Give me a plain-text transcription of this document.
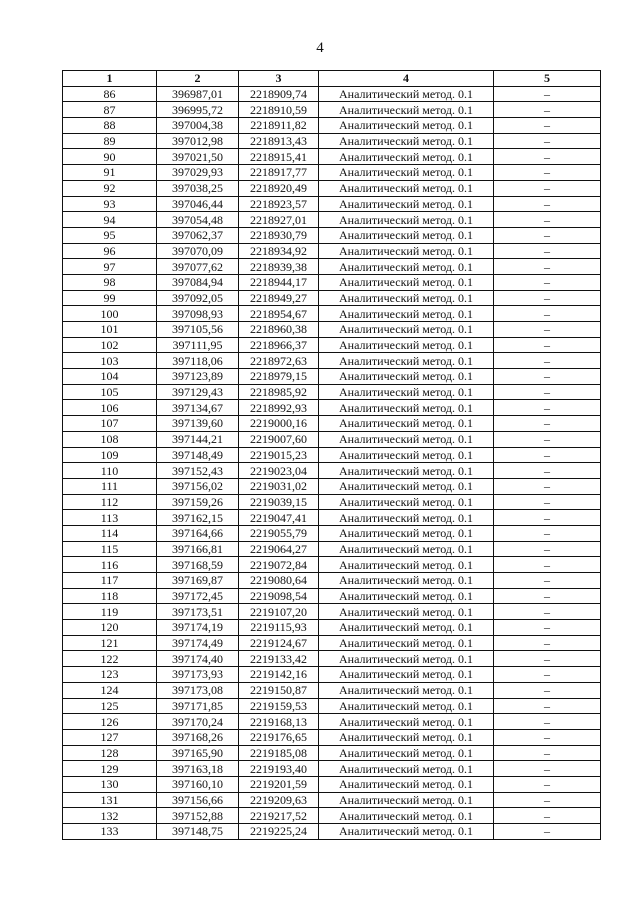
4
1	2	3	4	5
86	396987,01	2218909,74	Аналитический метод. 0.1	–
87	396995,72	2218910,59	Аналитический метод. 0.1	–
88	397004,38	2218911,82	Аналитический метод. 0.1	–
89	397012,98	2218913,43	Аналитический метод. 0.1	–
90	397021,50	2218915,41	Аналитический метод. 0.1	–
91	397029,93	2218917,77	Аналитический метод. 0.1	–
92	397038,25	2218920,49	Аналитический метод. 0.1	–
93	397046,44	2218923,57	Аналитический метод. 0.1	–
94	397054,48	2218927,01	Аналитический метод. 0.1	–
95	397062,37	2218930,79	Аналитический метод. 0.1	–
96	397070,09	2218934,92	Аналитический метод. 0.1	–
97	397077,62	2218939,38	Аналитический метод. 0.1	–
98	397084,94	2218944,17	Аналитический метод. 0.1	–
99	397092,05	2218949,27	Аналитический метод. 0.1	–
100	397098,93	2218954,67	Аналитический метод. 0.1	–
101	397105,56	2218960,38	Аналитический метод. 0.1	–
102	397111,95	2218966,37	Аналитический метод. 0.1	–
103	397118,06	2218972,63	Аналитический метод. 0.1	–
104	397123,89	2218979,15	Аналитический метод. 0.1	–
105	397129,43	2218985,92	Аналитический метод. 0.1	–
106	397134,67	2218992,93	Аналитический метод. 0.1	–
107	397139,60	2219000,16	Аналитический метод. 0.1	–
108	397144,21	2219007,60	Аналитический метод. 0.1	–
109	397148,49	2219015,23	Аналитический метод. 0.1	–
110	397152,43	2219023,04	Аналитический метод. 0.1	–
111	397156,02	2219031,02	Аналитический метод. 0.1	–
112	397159,26	2219039,15	Аналитический метод. 0.1	–
113	397162,15	2219047,41	Аналитический метод. 0.1	–
114	397164,66	2219055,79	Аналитический метод. 0.1	–
115	397166,81	2219064,27	Аналитический метод. 0.1	–
116	397168,59	2219072,84	Аналитический метод. 0.1	–
117	397169,87	2219080,64	Аналитический метод. 0.1	–
118	397172,45	2219098,54	Аналитический метод. 0.1	–
119	397173,51	2219107,20	Аналитический метод. 0.1	–
120	397174,19	2219115,93	Аналитический метод. 0.1	–
121	397174,49	2219124,67	Аналитический метод. 0.1	–
122	397174,40	2219133,42	Аналитический метод. 0.1	–
123	397173,93	2219142,16	Аналитический метод. 0.1	–
124	397173,08	2219150,87	Аналитический метод. 0.1	–
125	397171,85	2219159,53	Аналитический метод. 0.1	–
126	397170,24	2219168,13	Аналитический метод. 0.1	–
127	397168,26	2219176,65	Аналитический метод. 0.1	–
128	397165,90	2219185,08	Аналитический метод. 0.1	–
129	397163,18	2219193,40	Аналитический метод. 0.1	–
130	397160,10	2219201,59	Аналитический метод. 0.1	–
131	397156,66	2219209,63	Аналитический метод. 0.1	–
132	397152,88	2219217,52	Аналитический метод. 0.1	–
133	397148,75	2219225,24	Аналитический метод. 0.1	–
